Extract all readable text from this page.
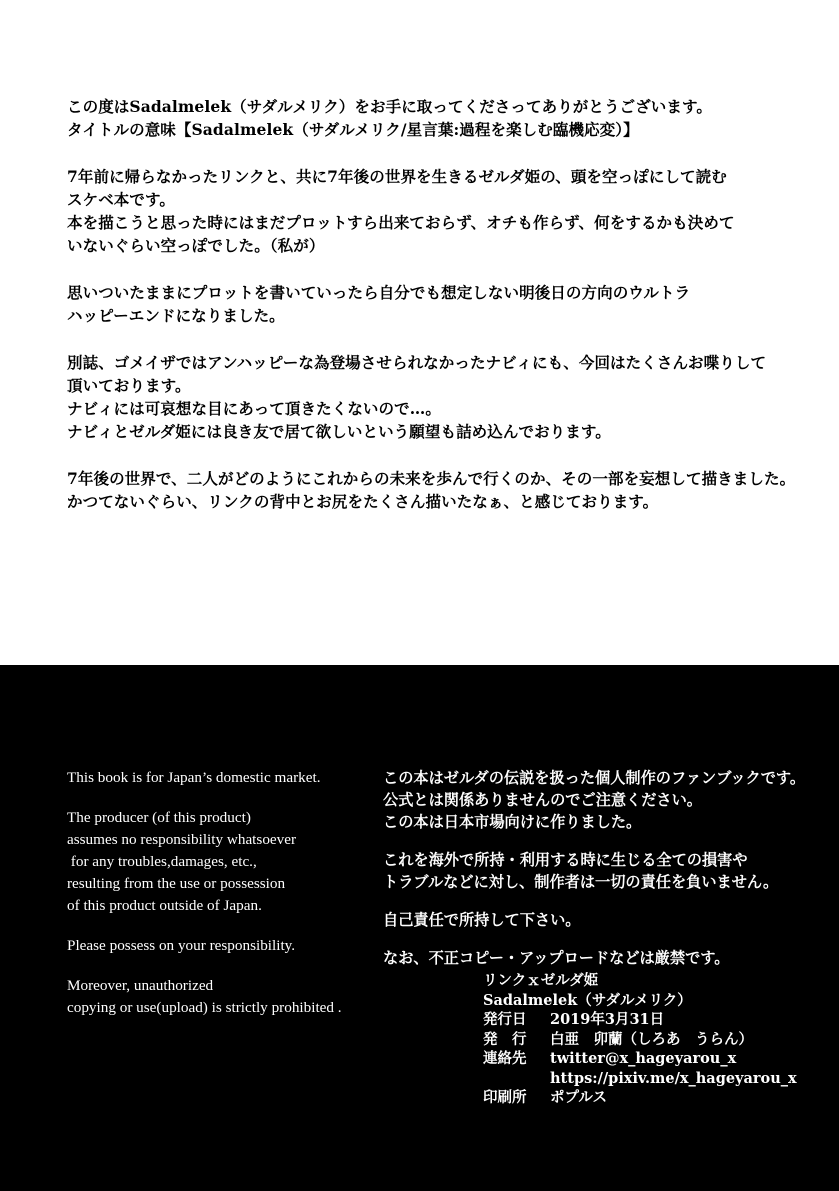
この度はSadalmelek（サダルメリク）をお手に取ってくださってありがとうございます。
タイトルの意味【Sadalmelek（サダルメリク/星言葉:過程を楽しむ臨機応変）】

7年前に帰らなかったリンクと、共に7年後の世界を生きるゼルダ姫の、頭を空っぽにして読む
スケベ本です。
本を描こうと思った時にはまだプロットすら出来ておらず、オチも作らず、何をするかも決めて
いないぐらい空っぽでした。（私が）

思いついたままにプロットを書いていったら自分でも想定しない明後日の方向のウルトラ
ハッピーエンドになりました。

別誌、ゴメイザではアンハッピーな為登場させられなかったナビィにも、今回はたくさんお喋りして
頂いております。
ナビィには可哀想な目にあって頂きたくないので…。
ナビィとゼルダ姫には良き友で居て欲しいという願望も詰め込んでおります。

7年後の世界で、二人がどのようにこれからの未来を歩んで行くのか、その一部を妄想して描きました。
かつてないぐらい、リンクの背中とお尻をたくさん描いたなぁ、と感じております。

This book is for Japan’s domestic market.

The producer (of this product)
assumes no responsibility whatsoever
for any troubles,damages, etc.,
resulting from the use or possession
of this product outside of Japan.

Please possess on your responsibility.

Moreover, unauthorized
copying or use(upload) is strictly prohibited .

この本はゼルダの伝説を扱った個人制作のファンブックです。
公式とは関係ありませんのでご注意ください。
この本は日本市場向けに作りました。

これを海外で所持・利用する時に生じる全ての損害や
トラブルなどに対し、制作者は一切の責任を負いません。

自己責任で所持して下さい。

なお、不正コピー・アップロードなどは厳禁です。

リンクｘゼルダ姫
Sadalmelek（サダルメリク）
発行日	2019年3月31日
発　行	白亜　卯蘭（しろあ　うらん）
連絡先	twitter@x_hageyarou_x
https://pixiv.me/x_hageyarou_x
印刷所	ポプルス
